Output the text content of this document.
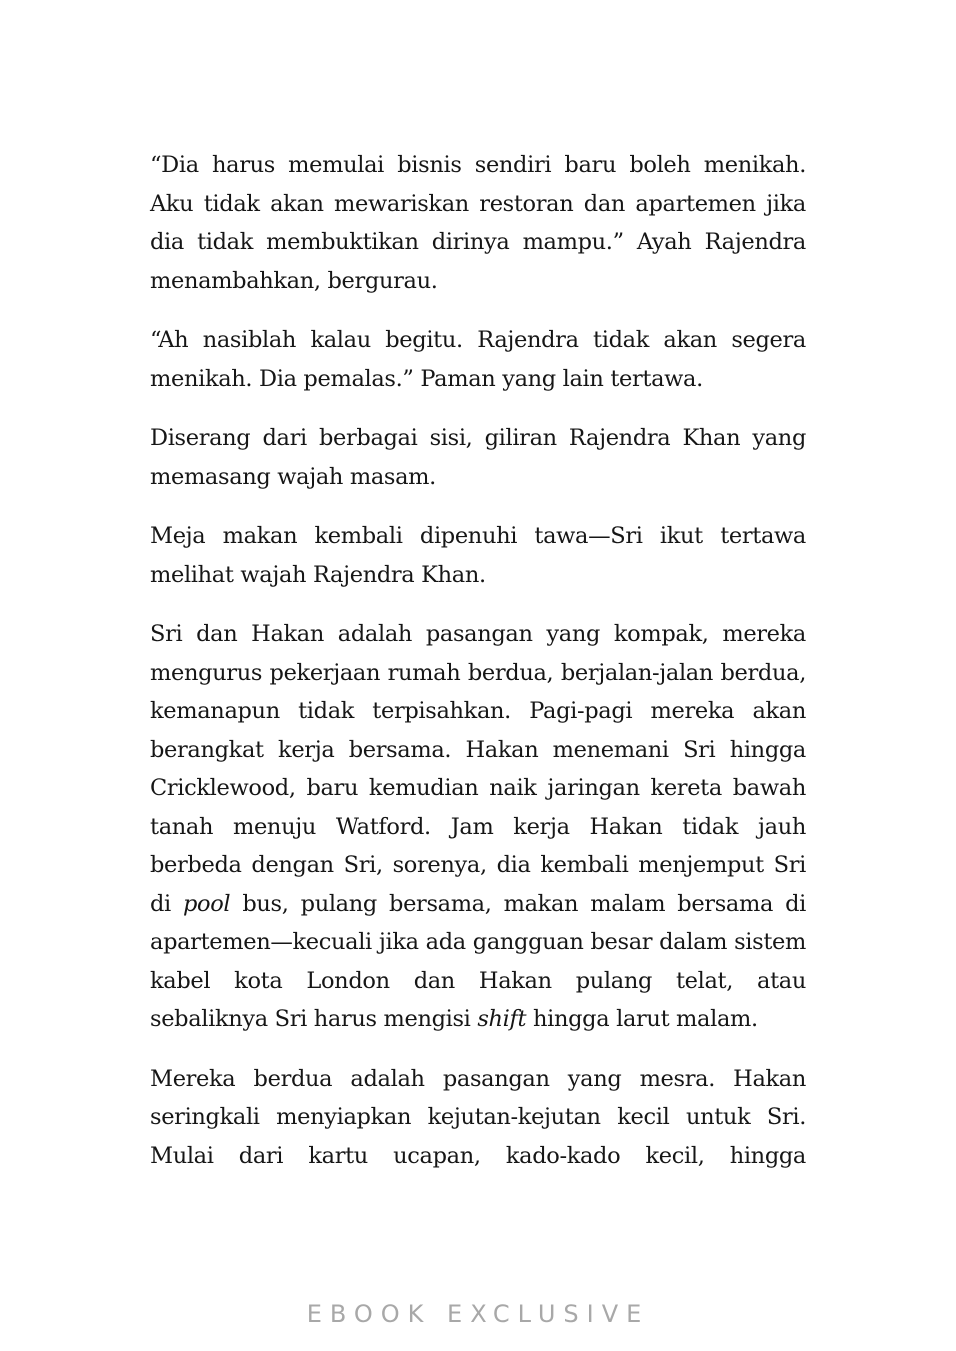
“Dia harus memulai bisnis sendiri baru boleh menikah. Aku tidak akan mewariskan restoran dan apartemen jika dia tidak membuktikan dirinya mampu.” Ayah Rajendra menambahkan, bergurau.

“Ah nasiblah kalau begitu. Rajendra tidak akan segera menikah. Dia pemalas.” Paman yang lain tertawa.

Diserang dari berbagai sisi, giliran Rajendra Khan yang memasang wajah masam.

Meja makan kembali dipenuhi tawa—Sri ikut tertawa melihat wajah Rajendra Khan.

Sri dan Hakan adalah pasangan yang kompak, mereka mengurus pekerjaan rumah berdua, berjalan-jalan berdua, kemanapun tidak terpisahkan. Pagi-pagi mereka akan berangkat kerja bersama. Hakan menemani Sri hingga Cricklewood, baru kemudian naik jaringan kereta bawah tanah menuju Watford. Jam kerja Hakan tidak jauh berbeda dengan Sri, sorenya, dia kembali menjemput Sri di pool bus, pulang bersama, makan malam bersama di apartemen—kecuali jika ada gangguan besar dalam sistem kabel kota London dan Hakan pulang telat, atau sebaliknya Sri harus mengisi shift hingga larut malam.

Mereka berdua adalah pasangan yang mesra. Hakan seringkali menyiapkan kejutan-kejutan kecil untuk Sri. Mulai dari kartu ucapan, kado-kado kecil, hingga

EBOOK EXCLUSIVE
